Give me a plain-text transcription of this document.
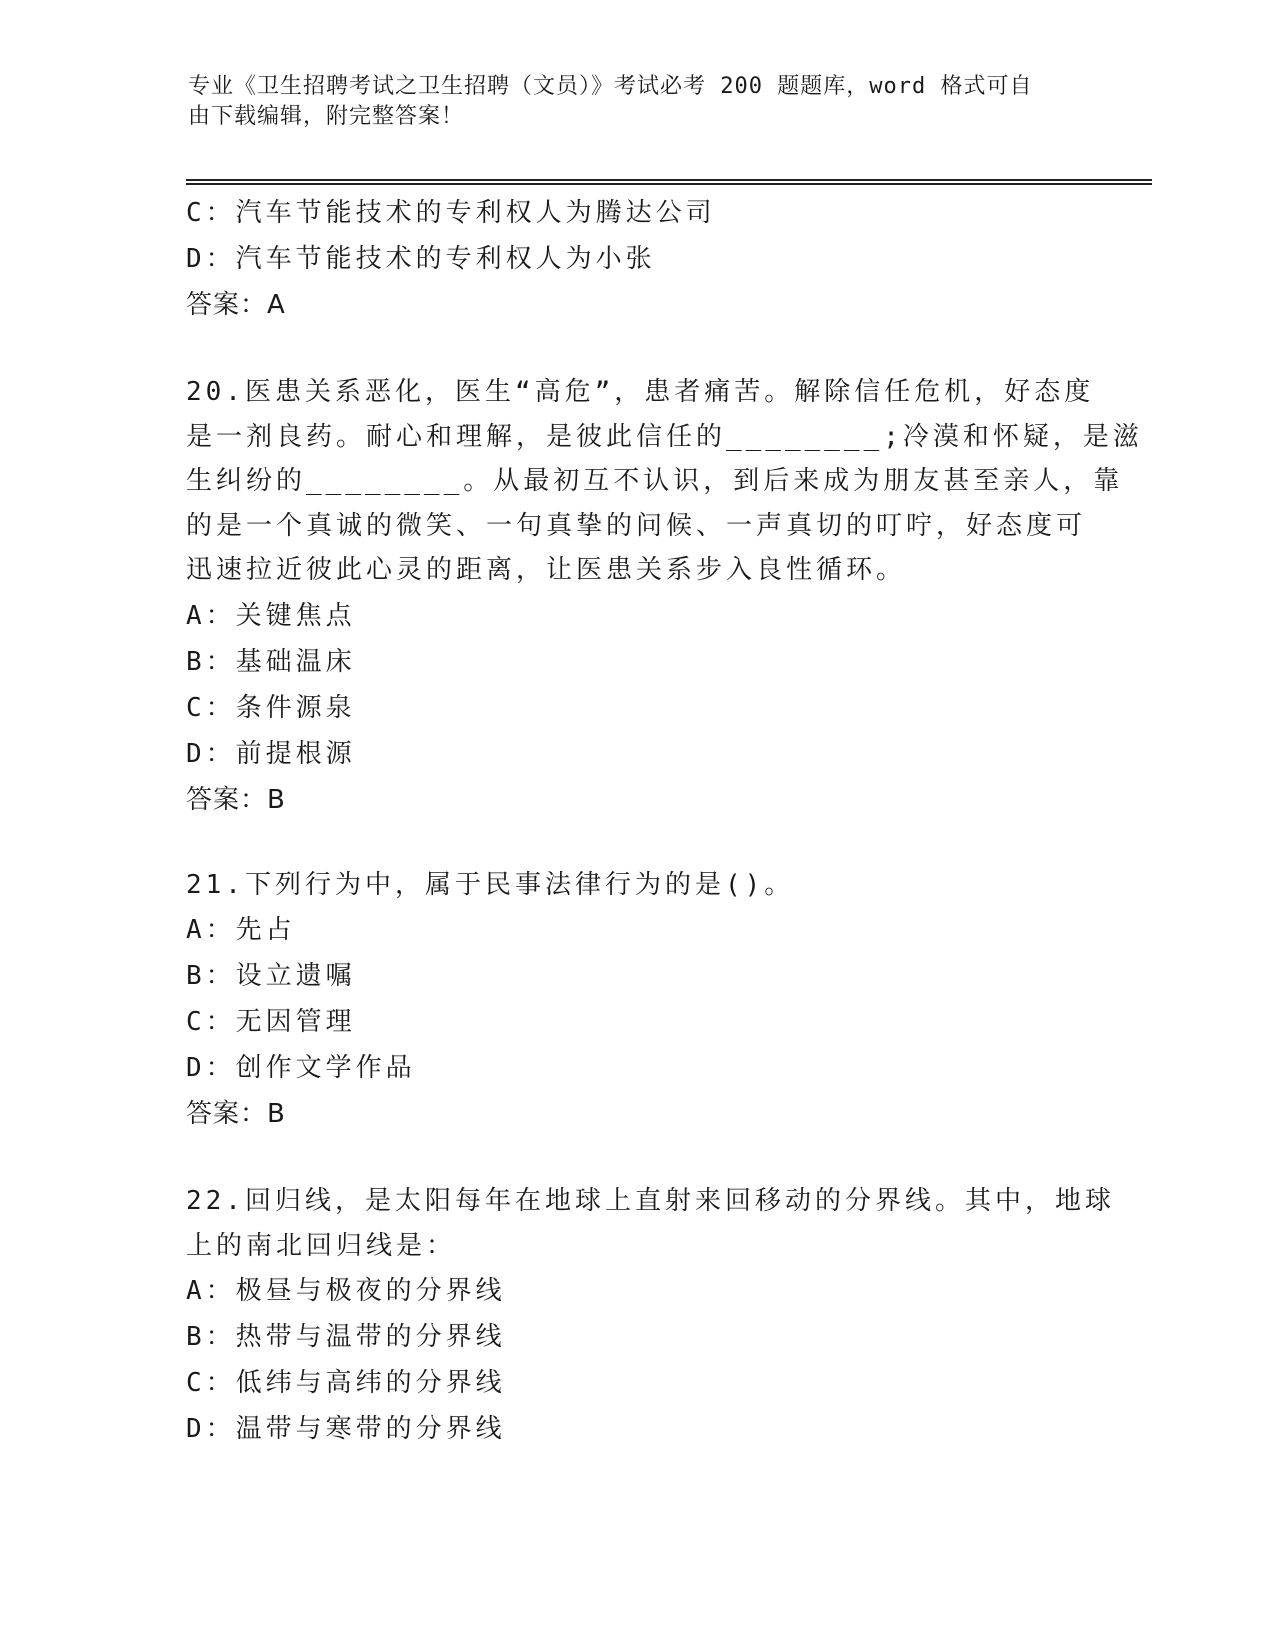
专业《卫生招聘考试之卫生招聘（文员）》考试必考 200 题题库，word 格式可自
由下载编辑，附完整答案！
C：汽车节能技术的专利权人为腾达公司
D：汽车节能技术的专利权人为小张
答案：A
20.医患关系恶化，医生“高危”，患者痛苦。解除信任危机，好态度
是一剂良药。耐心和理解，是彼此信任的________;冷漠和怀疑，是滋
生纠纷的________。从最初互不认识，到后来成为朋友甚至亲人，靠
的是一个真诚的微笑、一句真挚的问候、一声真切的叮咛，好态度可
迅速拉近彼此心灵的距离，让医患关系步入良性循环。
A：关键焦点
B：基础温床
C：条件源泉
D：前提根源
答案：B
21.下列行为中，属于民事法律行为的是()。
A：先占
B：设立遗嘱
C：无因管理
D：创作文学作品
答案：B
22.回归线，是太阳每年在地球上直射来回移动的分界线。其中，地球
上的南北回归线是：
A：极昼与极夜的分界线
B：热带与温带的分界线
C：低纬与高纬的分界线
D：温带与寒带的分界线
